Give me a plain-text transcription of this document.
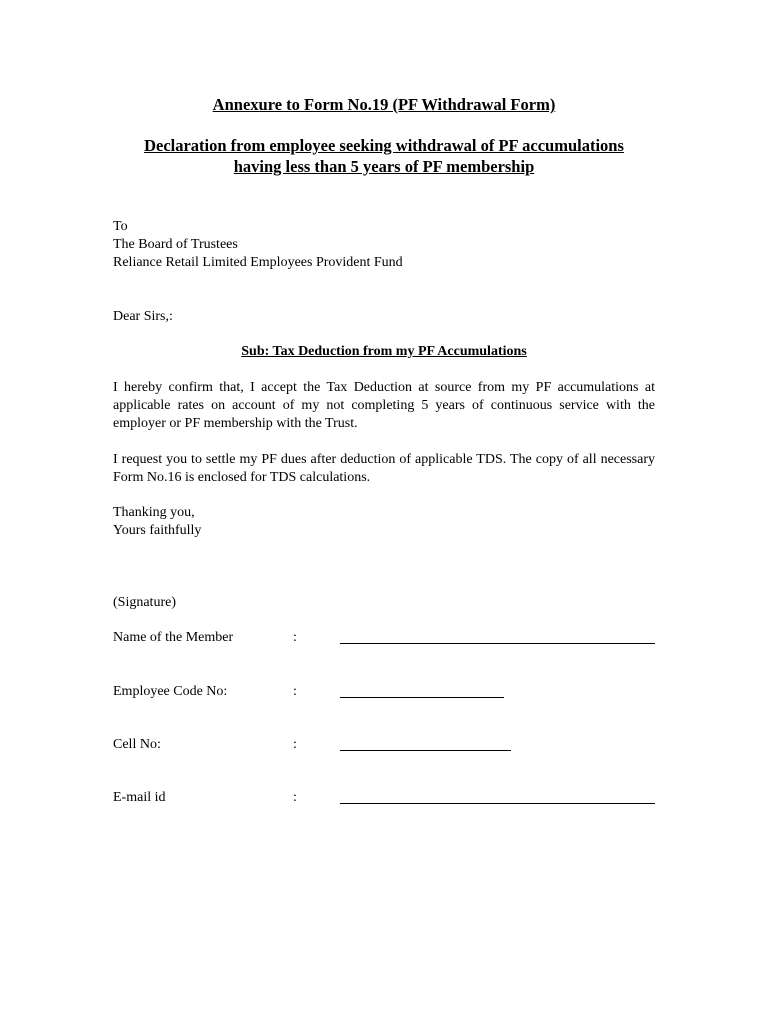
Annexure to Form No.19 (PF Withdrawal Form)

Declaration from employee seeking withdrawal of PF accumulations
having less than 5 years of PF membership
To
The Board of Trustees
Reliance Retail Limited Employees Provident Fund
Dear Sirs,:

Sub: Tax Deduction from my PF Accumulations

I hereby confirm that, I accept the Tax Deduction at source from my PF accumulations at applicable rates on account of my not completing 5 years of continuous service with the employer or PF membership with the Trust.

I request you to settle my PF dues after deduction of applicable TDS. The copy of all necessary Form No.16 is enclosed for TDS calculations.

Thanking you,
Yours faithfully
(Signature)
Name of the Member	:
Employee Code No:	:
Cell No:	:
E-mail id	:
